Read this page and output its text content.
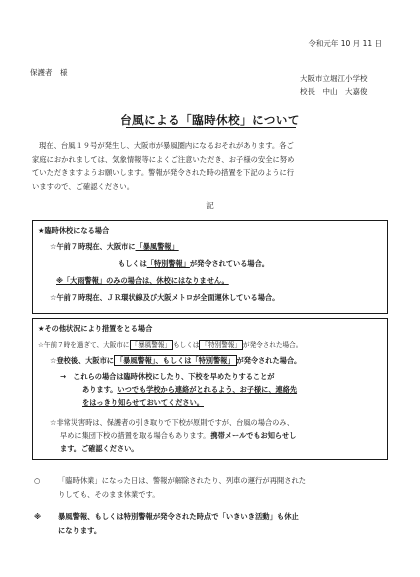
令和元年 10 月 11 日
保護者　様
大阪市立堀江小学校
校長　中山　大嘉俊
台風による「臨時休校」について
現在、台風１９号が発生し、大阪市が暴風圏内になるおそれがあります。各ご
家庭におかれましては、気象情報等によくご注意いただき、お子様の安全に努め
ていただきますようお願いします。警報が発令された時の措置を下記のように行
いますので、ご確認ください。
記
★臨時休校になる場合
☆午前７時現在、大阪市に「暴風警報」
もしくは「特別警報」が発令されている場合。
※「大雨警報」のみの場合は、休校にはなりません。
☆午前７時現在、ＪＲ環状線及び大阪メトロが全面運休している場合。
★その他状況により措置をとる場合
☆午前７時を過ぎて、大阪市に 「暴風警報」 もしくは 「特別警報」 が発令された場合。
☆登校後、大阪市に 「暴風警報」、もしくは「特別警報」 が発令された場合。
→　これらの場合は臨時休校にしたり、下校を早めたりすることが
あります。いつでも学校から連絡がとれるよう、お子様に、連絡先
をはっきり知らせておいてください。
☆非常災害時は、保護者の引き取りで下校が原則ですが、台風の場合のみ、
早めに集団下校の措置を取る場合もあります。携帯メールでもお知らせし
ます。ご確認ください。
○ 「臨時休業」になった日は、警報が解除されたり、列車の運行が再開された
りしても、そのまま休業です。
※ 暴風警報、もしくは特別警報が発令された時点で「いきいき活動」も休止
になります。
